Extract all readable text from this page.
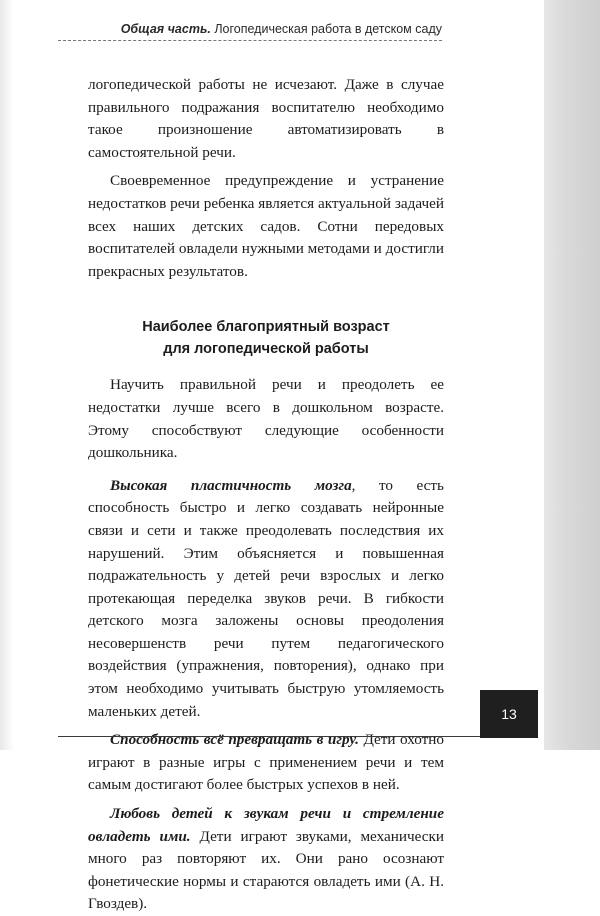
Общая часть. Логопедическая работа в детском саду

логопедической работы не исчезают. Даже в случае правильного подражания воспитателю необходимо такое произношение автоматизировать в самостоятельной речи.

Своевременное предупреждение и устранение недостатков речи ребенка является актуальной задачей всех наших детских садов. Сотни передовых воспитателей овладели нужными методами и достигли прекрасных результатов.

Наиболее благоприятный возраст
для логопедической работы

Научить правильной речи и преодолеть ее недостатки лучше всего в дошкольном возрасте. Этому способствуют следующие особенности дошкольника.

Высокая пластичность мозга, то есть способность быстро и легко создавать нейронные связи и сети и также преодолевать последствия их нарушений. Этим объясняется и повышенная подражательность у детей речи взрослых и легко протекающая переделка звуков речи. В гибкости детского мозга заложены основы преодоления несовершенств речи путем педагогического воздействия (упражнения, повторения), однако при этом необходимо учитывать быструю утомляемость маленьких детей.

Способность всё превращать в игру. Дети охотно играют в разные игры с применением речи и тем самым достигают более быстрых успехов в ней.

Любовь детей к звукам речи и стремление овладеть ими. Дети играют звуками, механически много раз повторяют их. Они рано осознают фонетические нормы и стараются овладеть ими (А. Н. Гвоздев).

13
